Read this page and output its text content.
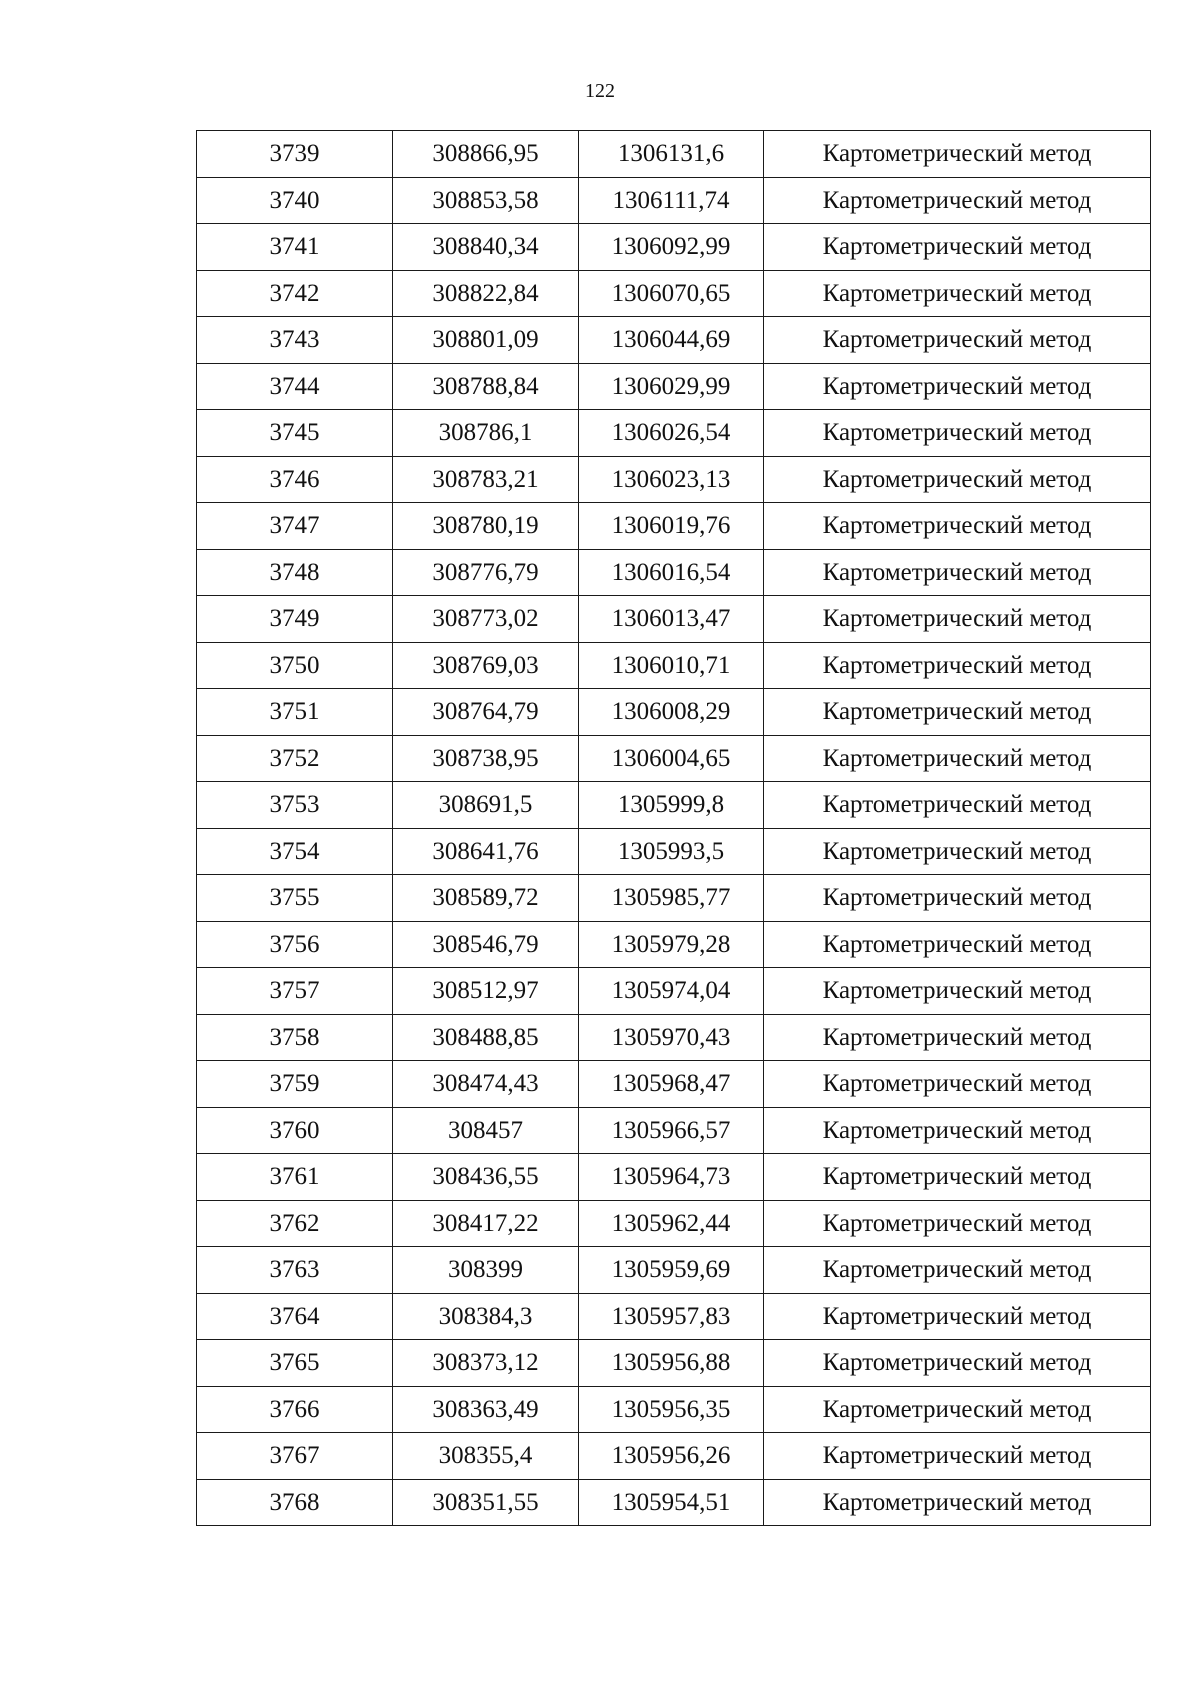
122
3739	308866,95	1306131,6	Картометрический метод
3740	308853,58	1306111,74	Картометрический метод
3741	308840,34	1306092,99	Картометрический метод
3742	308822,84	1306070,65	Картометрический метод
3743	308801,09	1306044,69	Картометрический метод
3744	308788,84	1306029,99	Картометрический метод
3745	308786,1	1306026,54	Картометрический метод
3746	308783,21	1306023,13	Картометрический метод
3747	308780,19	1306019,76	Картометрический метод
3748	308776,79	1306016,54	Картометрический метод
3749	308773,02	1306013,47	Картометрический метод
3750	308769,03	1306010,71	Картометрический метод
3751	308764,79	1306008,29	Картометрический метод
3752	308738,95	1306004,65	Картометрический метод
3753	308691,5	1305999,8	Картометрический метод
3754	308641,76	1305993,5	Картометрический метод
3755	308589,72	1305985,77	Картометрический метод
3756	308546,79	1305979,28	Картометрический метод
3757	308512,97	1305974,04	Картометрический метод
3758	308488,85	1305970,43	Картометрический метод
3759	308474,43	1305968,47	Картометрический метод
3760	308457	1305966,57	Картометрический метод
3761	308436,55	1305964,73	Картометрический метод
3762	308417,22	1305962,44	Картометрический метод
3763	308399	1305959,69	Картометрический метод
3764	308384,3	1305957,83	Картометрический метод
3765	308373,12	1305956,88	Картометрический метод
3766	308363,49	1305956,35	Картометрический метод
3767	308355,4	1305956,26	Картометрический метод
3768	308351,55	1305954,51	Картометрический метод
